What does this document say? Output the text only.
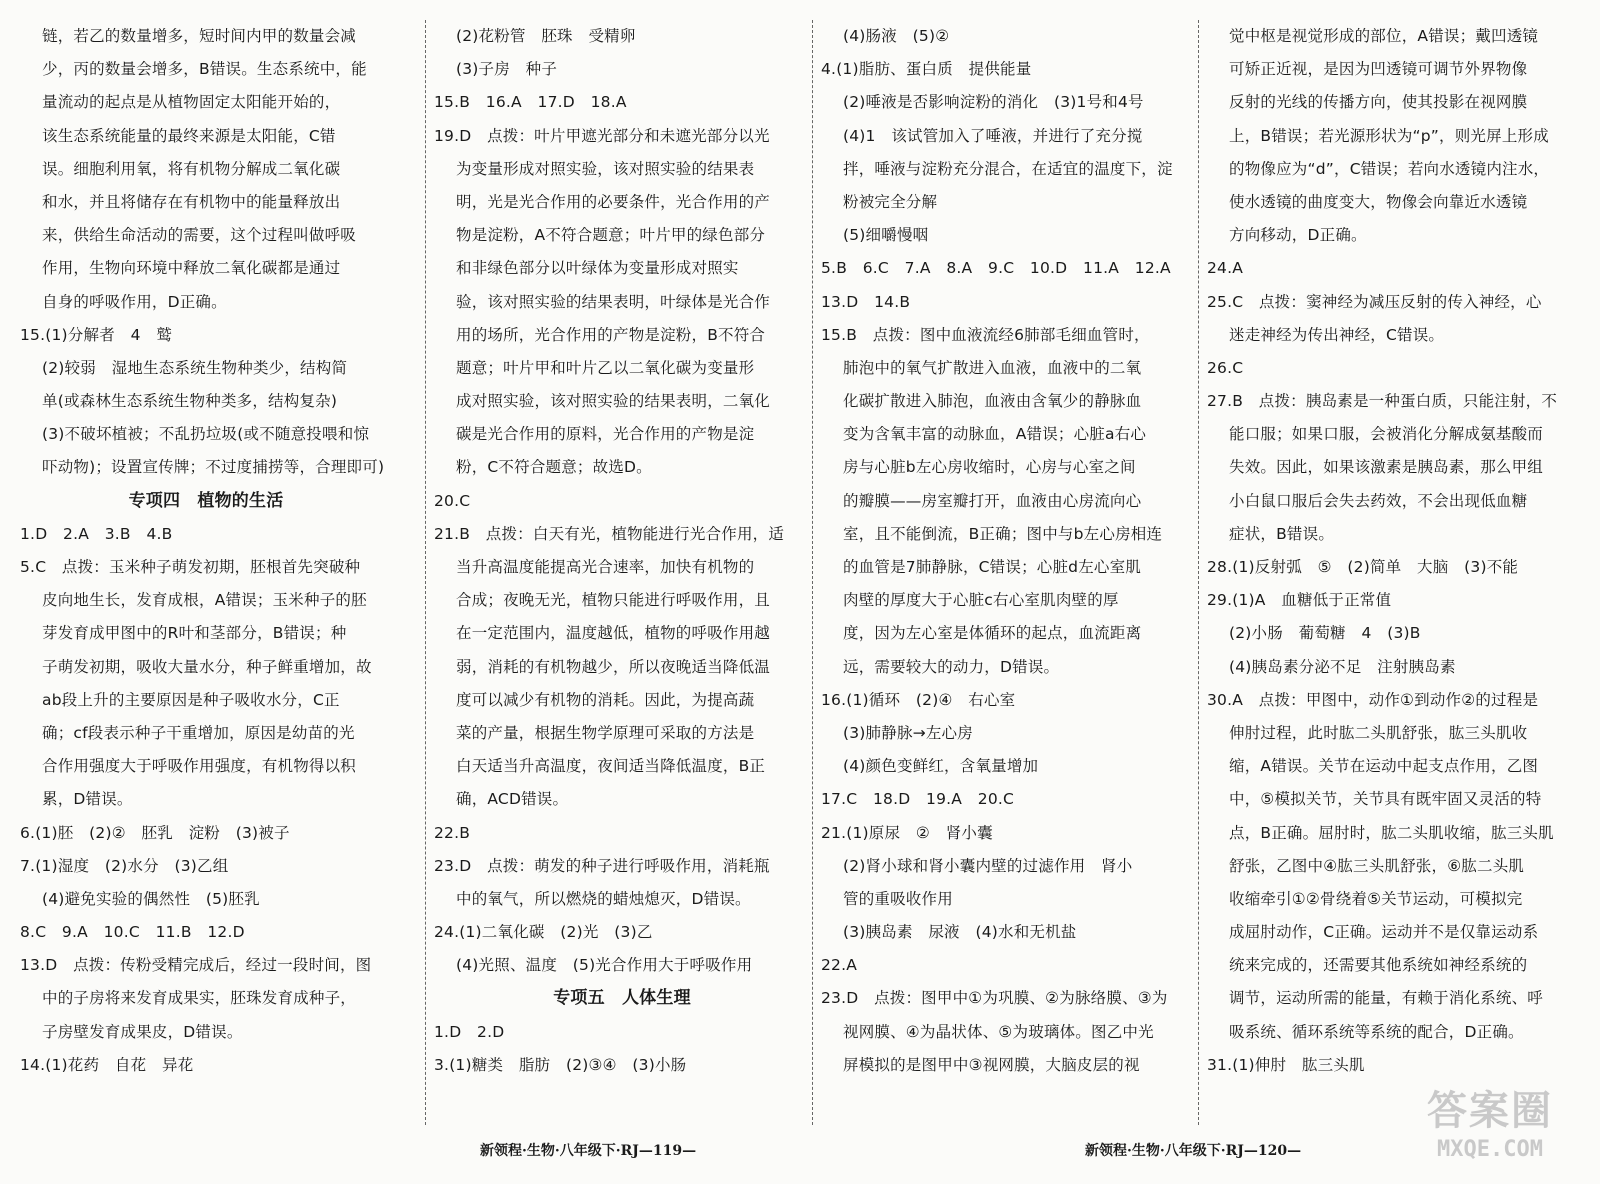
链，若乙的数量增多，短时间内甲的数量会减
少，丙的数量会增多，B错误。生态系统中，能
量流动的起点是从植物固定太阳能开始的，
该生态系统能量的最终来源是太阳能，C错
误。细胞利用氧，将有机物分解成二氧化碳
和水，并且将储存在有机物中的能量释放出
来，供给生命活动的需要，这个过程叫做呼吸
作用，生物向环境中释放二氧化碳都是通过
自身的呼吸作用，D正确。
15.(1)分解者　4　鹫
(2)较弱　湿地生态系统生物种类少，结构简
单(或森林生态系统生物种类多，结构复杂)
(3)不破坏植被；不乱扔垃圾(或不随意投喂和惊
吓动物)；设置宣传牌；不过度捕捞等，合理即可)
专项四　植物的生活
1.D　2.A　3.B　4.B
5.C　点拨：玉米种子萌发初期，胚根首先突破种
皮向地生长，发育成根，A错误；玉米种子的胚
芽发育成甲图中的R叶和茎部分，B错误；种
子萌发初期，吸收大量水分，种子鲜重增加，故
ab段上升的主要原因是种子吸收水分，C正
确；cf段表示种子干重增加，原因是幼苗的光
合作用强度大于呼吸作用强度，有机物得以积
累，D错误。
6.(1)胚　(2)②　胚乳　淀粉　(3)被子
7.(1)湿度　(2)水分　(3)乙组
(4)避免实验的偶然性　(5)胚乳
8.C　9.A　10.C　11.B　12.D
13.D　点拨：传粉受精完成后，经过一段时间，图
中的子房将来发育成果实，胚珠发育成种子，
子房壁发育成果皮，D错误。
14.(1)花药　自花　异花
(2)花粉管　胚珠　受精卵
(3)子房　种子
15.B　16.A　17.D　18.A
19.D　点拨：叶片甲遮光部分和未遮光部分以光
为变量形成对照实验，该对照实验的结果表
明，光是光合作用的必要条件，光合作用的产
物是淀粉，A不符合题意；叶片甲的绿色部分
和非绿色部分以叶绿体为变量形成对照实
验，该对照实验的结果表明，叶绿体是光合作
用的场所，光合作用的产物是淀粉，B不符合
题意；叶片甲和叶片乙以二氧化碳为变量形
成对照实验，该对照实验的结果表明，二氧化
碳是光合作用的原料，光合作用的产物是淀
粉，C不符合题意；故选D。
20.C
21.B　点拨：白天有光，植物能进行光合作用，适
当升高温度能提高光合速率，加快有机物的
合成；夜晚无光，植物只能进行呼吸作用，且
在一定范围内，温度越低，植物的呼吸作用越
弱，消耗的有机物越少，所以夜晚适当降低温
度可以减少有机物的消耗。因此，为提高蔬
菜的产量，根据生物学原理可采取的方法是
白天适当升高温度，夜间适当降低温度，B正
确，ACD错误。
22.B
23.D　点拨：萌发的种子进行呼吸作用，消耗瓶
中的氧气，所以燃烧的蜡烛熄灭，D错误。
24.(1)二氧化碳　(2)光　(3)乙
(4)光照、温度　(5)光合作用大于呼吸作用
专项五　人体生理
1.D　2.D
3.(1)糖类　脂肪　(2)③④　(3)小肠
(4)肠液　(5)②
4.(1)脂肪、蛋白质　提供能量
(2)唾液是否影响淀粉的消化　(3)1号和4号
(4)1　该试管加入了唾液，并进行了充分搅
拌，唾液与淀粉充分混合，在适宜的温度下，淀
粉被完全分解
(5)细嚼慢咽
5.B　6.C　7.A　8.A　9.C　10.D　11.A　12.A
13.D　14.B
15.B　点拨：图中血液流经6肺部毛细血管时，
肺泡中的氧气扩散进入血液，血液中的二氧
化碳扩散进入肺泡，血液由含氧少的静脉血
变为含氧丰富的动脉血，A错误；心脏a右心
房与心脏b左心房收缩时，心房与心室之间
的瓣膜——房室瓣打开，血液由心房流向心
室，且不能倒流，B正确；图中与b左心房相连
的血管是7肺静脉，C错误；心脏d左心室肌
肉壁的厚度大于心脏c右心室肌肉壁的厚
度，因为左心室是体循环的起点，血流距离
远，需要较大的动力，D错误。
16.(1)循环　(2)④　右心室
(3)肺静脉→左心房
(4)颜色变鲜红，含氧量增加
17.C　18.D　19.A　20.C
21.(1)原尿　②　肾小囊
(2)肾小球和肾小囊内壁的过滤作用　肾小
管的重吸收作用
(3)胰岛素　尿液　(4)水和无机盐
22.A
23.D　点拨：图甲中①为巩膜、②为脉络膜、③为
视网膜、④为晶状体、⑤为玻璃体。图乙中光
屏模拟的是图甲中③视网膜，大脑皮层的视
觉中枢是视觉形成的部位，A错误；戴凹透镜
可矫正近视，是因为凹透镜可调节外界物像
反射的光线的传播方向，使其投影在视网膜
上，B错误；若光源形状为“p”，则光屏上形成
的物像应为“d”，C错误；若向水透镜内注水，
使水透镜的曲度变大，物像会向靠近水透镜
方向移动，D正确。
24.A
25.C　点拨：窦神经为减压反射的传入神经，心
迷走神经为传出神经，C错误。
26.C
27.B　点拨：胰岛素是一种蛋白质，只能注射，不
能口服；如果口服，会被消化分解成氨基酸而
失效。因此，如果该激素是胰岛素，那么甲组
小白鼠口服后会失去药效，不会出现低血糖
症状，B错误。
28.(1)反射弧　⑤　(2)简单　大脑　(3)不能
29.(1)A　血糖低于正常值
(2)小肠　葡萄糖　4　(3)B
(4)胰岛素分泌不足　注射胰岛素
30.A　点拨：甲图中，动作①到动作②的过程是
伸肘过程，此时肱二头肌舒张，肱三头肌收
缩，A错误。关节在运动中起支点作用，乙图
中，⑤模拟关节，关节具有既牢固又灵活的特
点，B正确。屈肘时，肱二头肌收缩，肱三头肌
舒张，乙图中④肱三头肌舒张，⑥肱二头肌
收缩牵引①②骨绕着⑤关节运动，可模拟完
成屈肘动作，C正确。运动并不是仅靠运动系
统来完成的，还需要其他系统如神经系统的
调节，运动所需的能量，有赖于消化系统、呼
吸系统、循环系统等系统的配合，D正确。
31.(1)伸肘　肱三头肌
新领程·生物·八年级下·RJ—119—	新领程·生物·八年级下·RJ—120—
答案圈
MXQE.COM
